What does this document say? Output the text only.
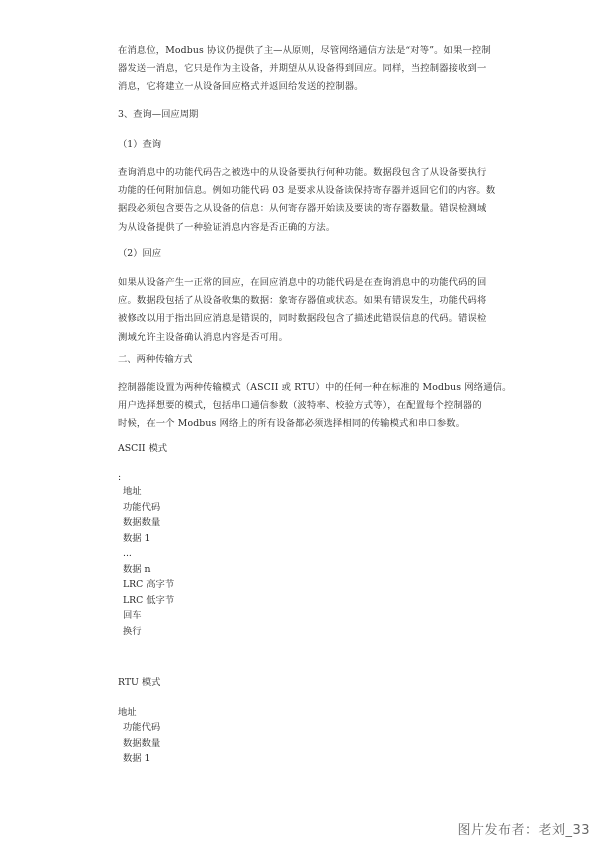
在消息位，Modbus 协议仍提供了主—从原则，尽管网络通信方法是“对等”。如果一控制
器发送一消息，它只是作为主设备，并期望从从设备得到回应。同样，当控制器接收到一
消息，它将建立一从设备回应格式并返回给发送的控制器。

3、查询—回应周期
（1）查询

查询消息中的功能代码告之被选中的从设备要执行何种功能。数据段包含了从设备要执行
功能的任何附加信息。例如功能代码 03 是要求从设备读保持寄存器并返回它们的内容。数
据段必须包含要告之从设备的信息：从何寄存器开始读及要读的寄存器数量。错误检测域
为从设备提供了一种验证消息内容是否正确的方法。

（2）回应

如果从设备产生一正常的回应，在回应消息中的功能代码是在查询消息中的功能代码的回
应。数据段包括了从设备收集的数据：象寄存器值或状态。如果有错误发生，功能代码将
被修改以用于指出回应消息是错误的，同时数据段包含了描述此错误信息的代码。错误检
测域允许主设备确认消息内容是否可用。

二、两种传输方式

控制器能设置为两种传输模式（ASCII 或 RTU）中的任何一种在标准的 Modbus 网络通信。
用户选择想要的模式，包括串口通信参数（波特率、校验方式等），在配置每个控制器的
时候，在一个 Modbus 网络上的所有设备都必须选择相同的传输模式和串口参数。

ASCII 模式
:
地址
功能代码
数据数量
数据 1
...
数据 n
LRC 高字节
LRC 低字节
回车
换行
RTU 模式
地址
功能代码
数据数量
数据 1
图片发布者：老刘_33
